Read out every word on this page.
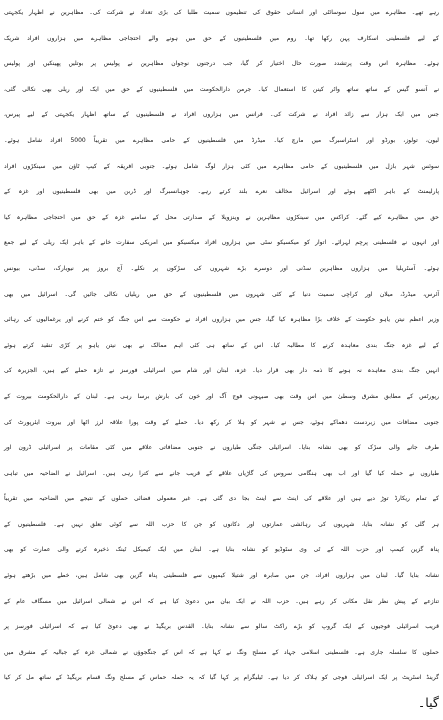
رہے تھے۔ مظاہرے میں سول سوسائٹی اور انسانی حقوق کی تنظیموں سمیت طلبا کی بڑی تعداد نے شرکت کی۔ مظاہرین نے اظہار یکجہتی
کے لیے فلسطینی اسکارف پہن رکھا تھا۔ روم میں فلسطینیوں کے حق میں ہونے والے احتجاجی مظاہرے میں ہزاروں افراد شریک
ہوئے۔ مظاہرہ اس وقت پرتشدد صورت حال اختیار کر گیا، جب درجنوں نوجوان مظاہرین نے پولیس پر بوتلیں پھینکیں اور پولیس
نے آنسو گیس کے ساتھ ساتھ واٹر کینن کا استعمال کیا۔ جرمن دارالحکومت میں فلسطینیوں کے حق میں ایک اور ریلی بھی نکالی گئی،
جس میں ایک ہزار سے زائد افراد نے شرکت کی۔ فرانس میں ہزاروں افراد نے فلسطینیوں کے ساتھ اظہار یکجہتی کے لیے پیرس،
لیون، تولوز، بورڈو اور اسٹراسبرگ میں مارچ کیا۔ میڈرڈ میں فلسطینیوں کے حامی مظاہرے میں تقریباً 5000 افراد شامل ہوئے۔
سوئس شہر بازل میں فلسطینیوں کے حامی مظاہرے میں کئی ہزار لوگ شامل ہوئے۔ جنوبی افریقہ کے کیپ ٹاؤن میں سینکڑوں افراد
پارلیمنٹ کے باہر اکٹھے ہوئے اور اسرائیل مخالف نعرے بلند کرتے رہے۔ جوہانسبرگ اور ڈربن میں بھی فلسطینیوں اور غزہ کے
حق میں مظاہرے کیے گئے۔ کراکس میں سینکڑوں مظاہرین نے وینزویلا کے صدارتی محل کے سامنے غزہ کے حق میں احتجاجی مظاہرہ کیا
اور انہوں نے فلسطینی پرچم لہرائے۔ اتوار کو میکسیکو سٹی میں ہزاروں افراد میکسیکو میں امریکی سفارت خانے کے باہر ایک ریلی کے لیے جمع
ہوئے۔ آسٹریلیا میں ہزاروں مظاہرین سڈنی اور دوسرے بڑے شہروں کی سڑکوں پر نکلے۔ آج بروز پیر نیویارک، سڈنی، بیونس
آئرس، میڈرڈ، میلان اور کراچی سمیت دنیا کے کئی شہروں میں فلسطینیوں کے حق میں ریلیاں نکالی جائیں گی۔ اسرائیل میں بھی
وزیر اعظم نیتن یاہو حکومت کے خلاف بڑا مظاہرہ کیا گیا، جس میں ہزاروں افراد نے حکومت سے اس جنگ کو ختم کرنے اور یرغمالیوں کی رہائی
کے لیے غزہ جنگ بندی معاہدہ کرنے کا مطالبہ کیا۔ اس کے ساتھ ہی کئی اہم ممالک نے بھی نیتن یاہو پر کڑی تنقید کرتے ہوئے
انہیں جنگ بندی معاہدہ نہ ہونے کا ذمہ دار بھی قرار دیا۔ غزہ، لبنان اور شام میں اسرائیلی فورسز نے تازہ حملے کیے ہیں، الجزیرہ کی
رپورٹس کے مطابق مشرق وسطیٰ میں اس وقت بھی صیہونی فوج آگ اور خون کی بارش برسا رہی ہے۔ لبنان کے دارالحکومت بیروت کے
جنوبی مضافات میں زبردست دھماکے ہوئے، جس نے شہر کو ہلا کر رکھ دیا۔ حملے کے وقت پورا علاقہ لرز اٹھا اور بیروت ایئرپورٹ کی
طرف جانے والی سڑک کو بھی نشانہ بنایا۔ اسرائیلی جنگی طیاروں نے جنوبی مضافاتی علاقے میں کئی مقامات پر اسرائیلی ڈرون اور
طیاروں نے حملہ کیا گیا اور اب بھی ہنگامی سروس کی گاڑیاں علاقے کے قریب جانے سے کترا رہی ہیں۔ اسرائیل نے الضاحیہ میں تباہی
کے تمام ریکارڈ توڑ دیے ہیں اور علاقے کی اینٹ سے اینٹ بجا دی گئی ہے۔ غیر معمولی فضائی حملوں کے نتیجے میں الضاحیہ میں تقریباً
ہر گلی کو نشانہ بنایا، شہریوں کی رہائشی عمارتوں اور دکانوں کو جن کا حزب اللہ سے کوئی تعلق نہیں ہے۔ فلسطینیوں کے
پناہ گزین کیمپ اور حزب اللہ کے ٹی وی سٹوڈیو کو نشانہ بنایا ہے۔ لبنان میں ایک کیمیکل ٹینک ذخیرہ کرنے والی عمارت کو بھی
نشانہ بنایا گیا۔ لبنان میں ہزاروں افراد، جن میں صابرہ اور شتیلا کیمپوں سے فلسطینی پناہ گزین بھی شامل ہیں، خطے میں بڑھتے ہوئے
تنازعے کے پیش نظر نقل مکانی کر رہے ہیں۔ حزب اللہ نے ایک بیان میں دعویٰ کیا ہے کہ اس نے شمالی اسرائیل میں مسگاف عام کے
قریب اسرائیلی فوجیوں کے ایک گروپ کو بڑے راکٹ سالو سے نشانہ بنایا۔ القدس بریگیڈ نے بھی دعویٰ کیا ہے کہ اسرائیلی فورسز پر
حملوں کا سلسلہ جاری ہے۔ فلسطینی اسلامی جہاد کے مسلح ونگ نے کہا ہے کہ اس کے جنگجوؤں نے شمالی غزہ کے جبالیہ کے مشرق میں
گرینڈ اسٹریٹ پر ایک اسرائیلی فوجی کو ہلاک کر دیا ہے۔ ٹیلیگرام پر کہا گیا کہ یہ حملہ حماس کے مسلح ونگ قسام بریگیڈ کے ساتھ مل کر کیا
گیا۔
